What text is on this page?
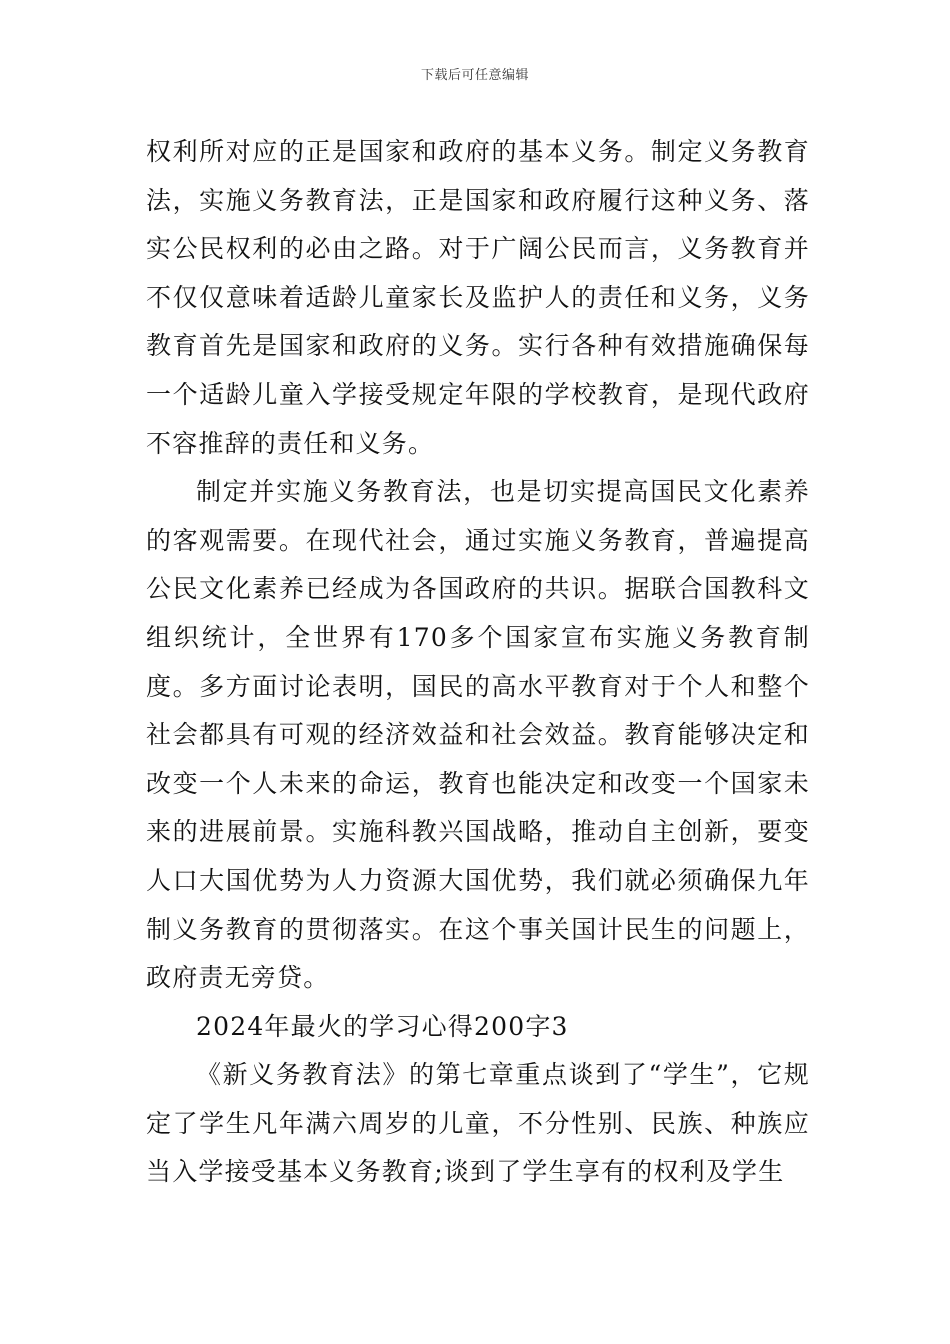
下载后可任意编辑

权利所对应的正是国家和政府的基本义务。制定义务教育法，实施义务教育法，正是国家和政府履行这种义务、落实公民权利的必由之路。对于广阔公民而言，义务教育并不仅仅意味着适龄儿童家长及监护人的责任和义务，义务教育首先是国家和政府的义务。实行各种有效措施确保每一个适龄儿童入学接受规定年限的学校教育，是现代政府不容推辞的责任和义务。

制定并实施义务教育法，也是切实提高国民文化素养的客观需要。在现代社会，通过实施义务教育，普遍提高公民文化素养已经成为各国政府的共识。据联合国教科文组织统计，全世界有170多个国家宣布实施义务教育制度。多方面讨论表明，国民的高水平教育对于个人和整个社会都具有可观的经济效益和社会效益。教育能够决定和改变一个人未来的命运，教育也能决定和改变一个国家未来的进展前景。实施科教兴国战略，推动自主创新，要变人口大国优势为人力资源大国优势，我们就必须确保九年制义务教育的贯彻落实。在这个事关国计民生的问题上，政府责无旁贷。

2024年最火的学习心得200字3

《新义务教育法》的第七章重点谈到了“学生”，它规定了学生凡年满六周岁的儿童，不分性别、民族、种族应当入学接受基本义务教育;谈到了学生享有的权利及学生
